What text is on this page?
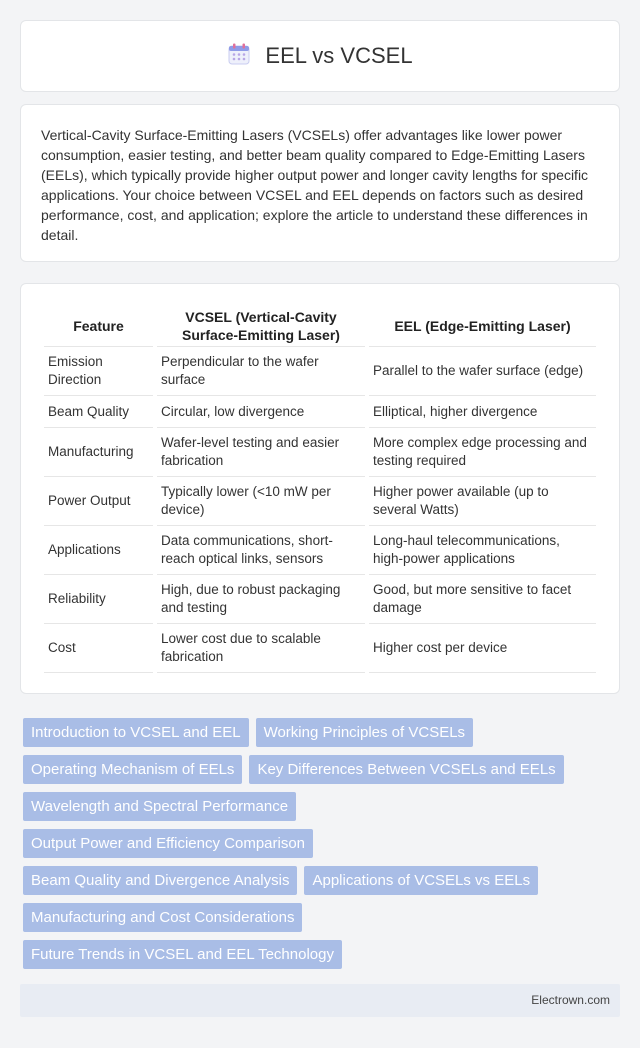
EEL vs VCSEL

Vertical-Cavity Surface-Emitting Lasers (VCSELs) offer advantages like lower power consumption, easier testing, and better beam quality compared to Edge-Emitting Lasers (EELs), which typically provide higher output power and longer cavity lengths for specific applications. Your choice between VCSEL and EEL depends on factors such as desired performance, cost, and application; explore the article to understand these differences in detail.

Feature	VCSEL (Vertical-Cavity Surface-Emitting Laser)	EEL (Edge-Emitting Laser)
Emission Direction	Perpendicular to the wafer surface	Parallel to the wafer surface (edge)
Beam Quality	Circular, low divergence	Elliptical, higher divergence
Manufacturing	Wafer-level testing and easier fabrication	More complex edge processing and testing required
Power Output	Typically lower (<10 mW per device)	Higher power available (up to several Watts)
Applications	Data communications, short-reach optical links, sensors	Long-haul telecommunications, high-power applications
Reliability	High, due to robust packaging and testing	Good, but more sensitive to facet damage
Cost	Lower cost due to scalable fabrication	Higher cost per device
Introduction to VCSEL and EEL	Working Principles of VCSELs
Operating Mechanism of EELs	Key Differences Between VCSELs and EELs
Wavelength and Spectral Performance
Output Power and Efficiency Comparison
Beam Quality and Divergence Analysis	Applications of VCSELs vs EELs
Manufacturing and Cost Considerations
Future Trends in VCSEL and EEL Technology
Electrown.com
